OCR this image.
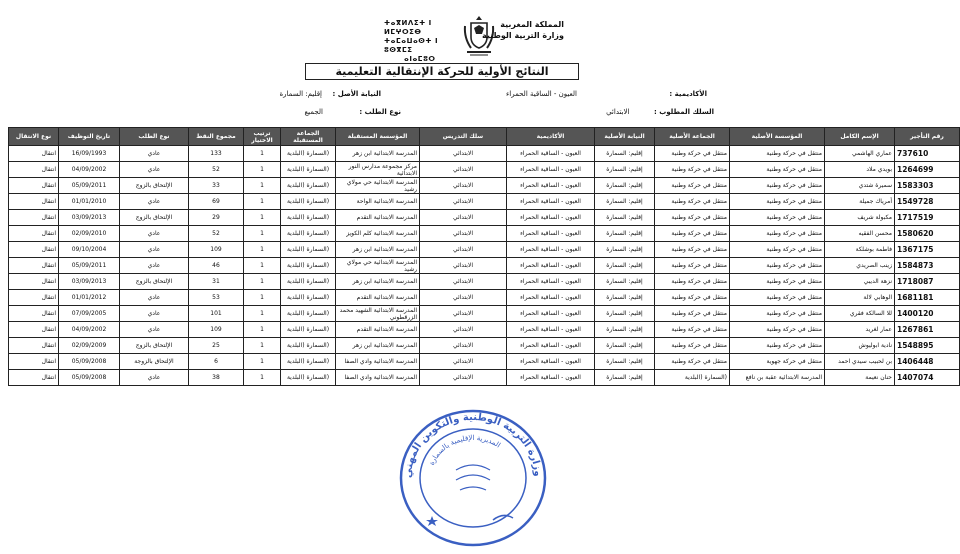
ⵜⴰⴳⵍⴷⵉⵜ ⵏ ⵍⵎⵖⵔⵉⴱ
ⵜⴰⵎⴰⵡⴰⵙⵜ ⵏ ⵓⵙⴳⵎⵉ
ⴰⵏⴰⵎⵓⵔ
المملكة المغربية
وزارة التربية الوطنية
النتائج الأولية للحركة الإنتقالية التعليمية
الأكاديمية :  العيون - الساقية الحمراء
النيابة الأصل :  إقليم: السمارة
السلك المطلوب :  الابتدائي
نوع الطلب :  الجميع
رقم التأجير	الإسم الكامل	المؤسسة الأصلية	الجماعة الأصلية	النيابة الأصلية	الأكاديمية	سلك التدريس	المؤسسة المستقبلة	الجماعة المستقبلة	ترتيب الاختيار	مجموع النقط	نوع الطلب	تاريخ التوظيف	نوع الانتقال
737610	عماري الهاشمي	منتقل في حركة وطنية	منتقل في حركة وطنية	إقليم: السمارة	العيون - الساقية الحمراء	الابتدائي	المدرسة الابتدائية ابن زهر	(السمارة (البلدية	1	133	عادي	16/09/1993	انتقال
1264699	بويدي ملاد	منتقل في حركة وطنية	منتقل في حركة وطنية	إقليم: السمارة	العيون - الساقية الحمراء	الابتدائي	مركز مجموعة مدارس النور الابتدائية	(السمارة (البلدية	1	52	عادي	04/09/2002	انتقال
1583303	سميرة شتدي	منتقل في حركة وطنية	منتقل في حركة وطنية	إقليم: السمارة	العيون - الساقية الحمراء	الابتدائي	المدرسة الابتدائية حي مولاي رشيد	(السمارة (البلدية	1	33	الإلتحاق بالزوج	05/09/2011	انتقال
1549728	أمرياك جميلة	منتقل في حركة وطنية	منتقل في حركة وطنية	إقليم: السمارة	العيون - الساقية الحمراء	الابتدائي	المدرسة الابتدائية الواحة	(السمارة (البلدية	1	69	عادي	01/01/2010	انتقال
1717519	مكبولة شريف	منتقل في حركة وطنية	منتقل في حركة وطنية	إقليم: السمارة	العيون - الساقية الحمراء	الابتدائي	المدرسة الابتدائية التقدم	(السمارة (البلدية	1	29	الإلتحاق بالزوج	03/09/2013	انتقال
1580620	محسن الفقيه	منتقل في حركة وطنية	منتقل في حركة وطنية	إقليم: السمارة	العيون - الساقية الحمراء	الابتدائي	المدرسة الابتدائية كلم الكويز	(السمارة (البلدية	1	52	عادي	02/09/2010	انتقال
1367175	فاطمة بوشلكة	منتقل في حركة وطنية	منتقل في حركة وطنية	إقليم: السمارة	العيون - الساقية الحمراء	الابتدائي	المدرسة الابتدائية ابن زهر	(السمارة (البلدية	1	109	عادي	09/10/2004	انتقال
1584873	زينب الصريدي	منتقل في حركة وطنية	منتقل في حركة وطنية	إقليم: السمارة	العيون - الساقية الحمراء	الابتدائي	المدرسة الابتدائية حي مولاي رشيد	(السمارة (البلدية	1	46	عادي	05/09/2011	انتقال
1718087	نزهة الديبي	منتقل في حركة وطنية	منتقل في حركة وطنية	إقليم: السمارة	العيون - الساقية الحمراء	الابتدائي	المدرسة الابتدائية ابن زهر	(السمارة (البلدية	1	31	الإلتحاق بالزوج	03/09/2013	انتقال
1681181	الوهابي لالة	منتقل في حركة وطنية	منتقل في حركة وطنية	إقليم: السمارة	العيون - الساقية الحمراء	الابتدائي	المدرسة الابتدائية التقدم	(السمارة (البلدية	1	53	عادي	01/01/2012	انتقال
1400120	للا السالكة فقري	منتقل في حركة وطنية	منتقل في حركة وطنية	إقليم: السمارة	العيون - الساقية الحمراء	الابتدائي	المدرسة الابتدائية الشهيد محمد الزرقطوني	(السمارة (البلدية	1	101	عادي	07/09/2005	انتقال
1267861	عمار لغريد	منتقل في حركة وطنية	منتقل في حركة وطنية	إقليم: السمارة	العيون - الساقية الحمراء	الابتدائي	المدرسة الابتدائية التقدم	(السمارة (البلدية	1	109	عادي	04/09/2002	انتقال
1548895	نادية ابوليوش	منتقل في حركة وطنية	منتقل في حركة وطنية	إقليم: السمارة	العيون - الساقية الحمراء	الابتدائي	المدرسة الابتدائية ابن زهر	(السمارة (البلدية	1	25	الإلتحاق بالزوج	02/09/2009	انتقال
1406448	بن لحبيب سيدي احمد	منتقل في حركة جهوية	منتقل في حركة وطنية	إقليم: السمارة	العيون - الساقية الحمراء	الابتدائي	المدرسة الابتدائية وادي الصفا	(السمارة (البلدية	1	6	الإلتحاق بالزوجة	05/09/2008	انتقال
1407074	حنان نعيمة	المدرسة الابتدائية عقبة بن نافع	(السمارة (البلدية	إقليم: السمارة	العيون - الساقية الحمراء	الابتدائي	المدرسة الابتدائية وادي الصفا	(السمارة (البلدية	1	38	عادي	05/09/2008	انتقال
وزارة التربية الوطنية والتكوين المهني
المديرية الإقليمية بالسمارة
